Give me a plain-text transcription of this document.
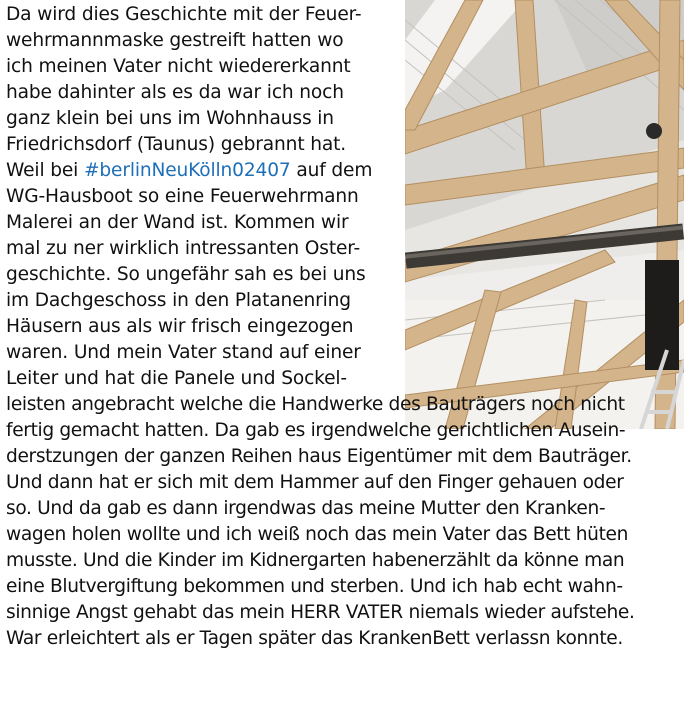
Da wird dies Geschichte mit der Feuer-
wehrmannmaske gestreift hatten wo
ich meinen Vater nicht wiedererkannt
habe dahinter als es da war ich noch
ganz klein bei uns im Wohnhauss in
Friedrichsdorf (Taunus) gebrannt hat.
Weil bei #berlinNeuKölln02407 auf dem
WG-Hausboot so eine Feuerwehrmann
Malerei an der Wand ist. Kommen wir
mal zu ner wirklich intressanten Oster-
geschichte. So ungefähr sah es bei uns
im Dachgeschoss in den Platanenring
Häusern aus als wir frisch eingezogen
waren. Und mein Vater stand auf einer
Leiter und hat die Panele und Sockel-
leisten angebracht welche die Handwerke des Bauträgers noch nicht
fertig gemacht hatten. Da gab es irgendwelche gerichtlichen Ausein-
derstzungen der ganzen Reihen haus Eigentümer mit dem Bauträger.
Und dann hat er sich mit dem Hammer auf den Finger gehauen oder
so. Und da gab es dann irgendwas das meine Mutter den Kranken-
wagen holen wollte und ich weiß noch das mein Vater das Bett hüten
musste. Und die Kinder im Kidnergarten habenerzählt da könne man
eine Blutvergiftung bekommen und sterben. Und ich hab echt wahn-
sinnige Angst gehabt das mein HERR VATER niemals wieder aufstehe.
War erleichtert als er Tagen später das KrankenBett verlassn konnte.
